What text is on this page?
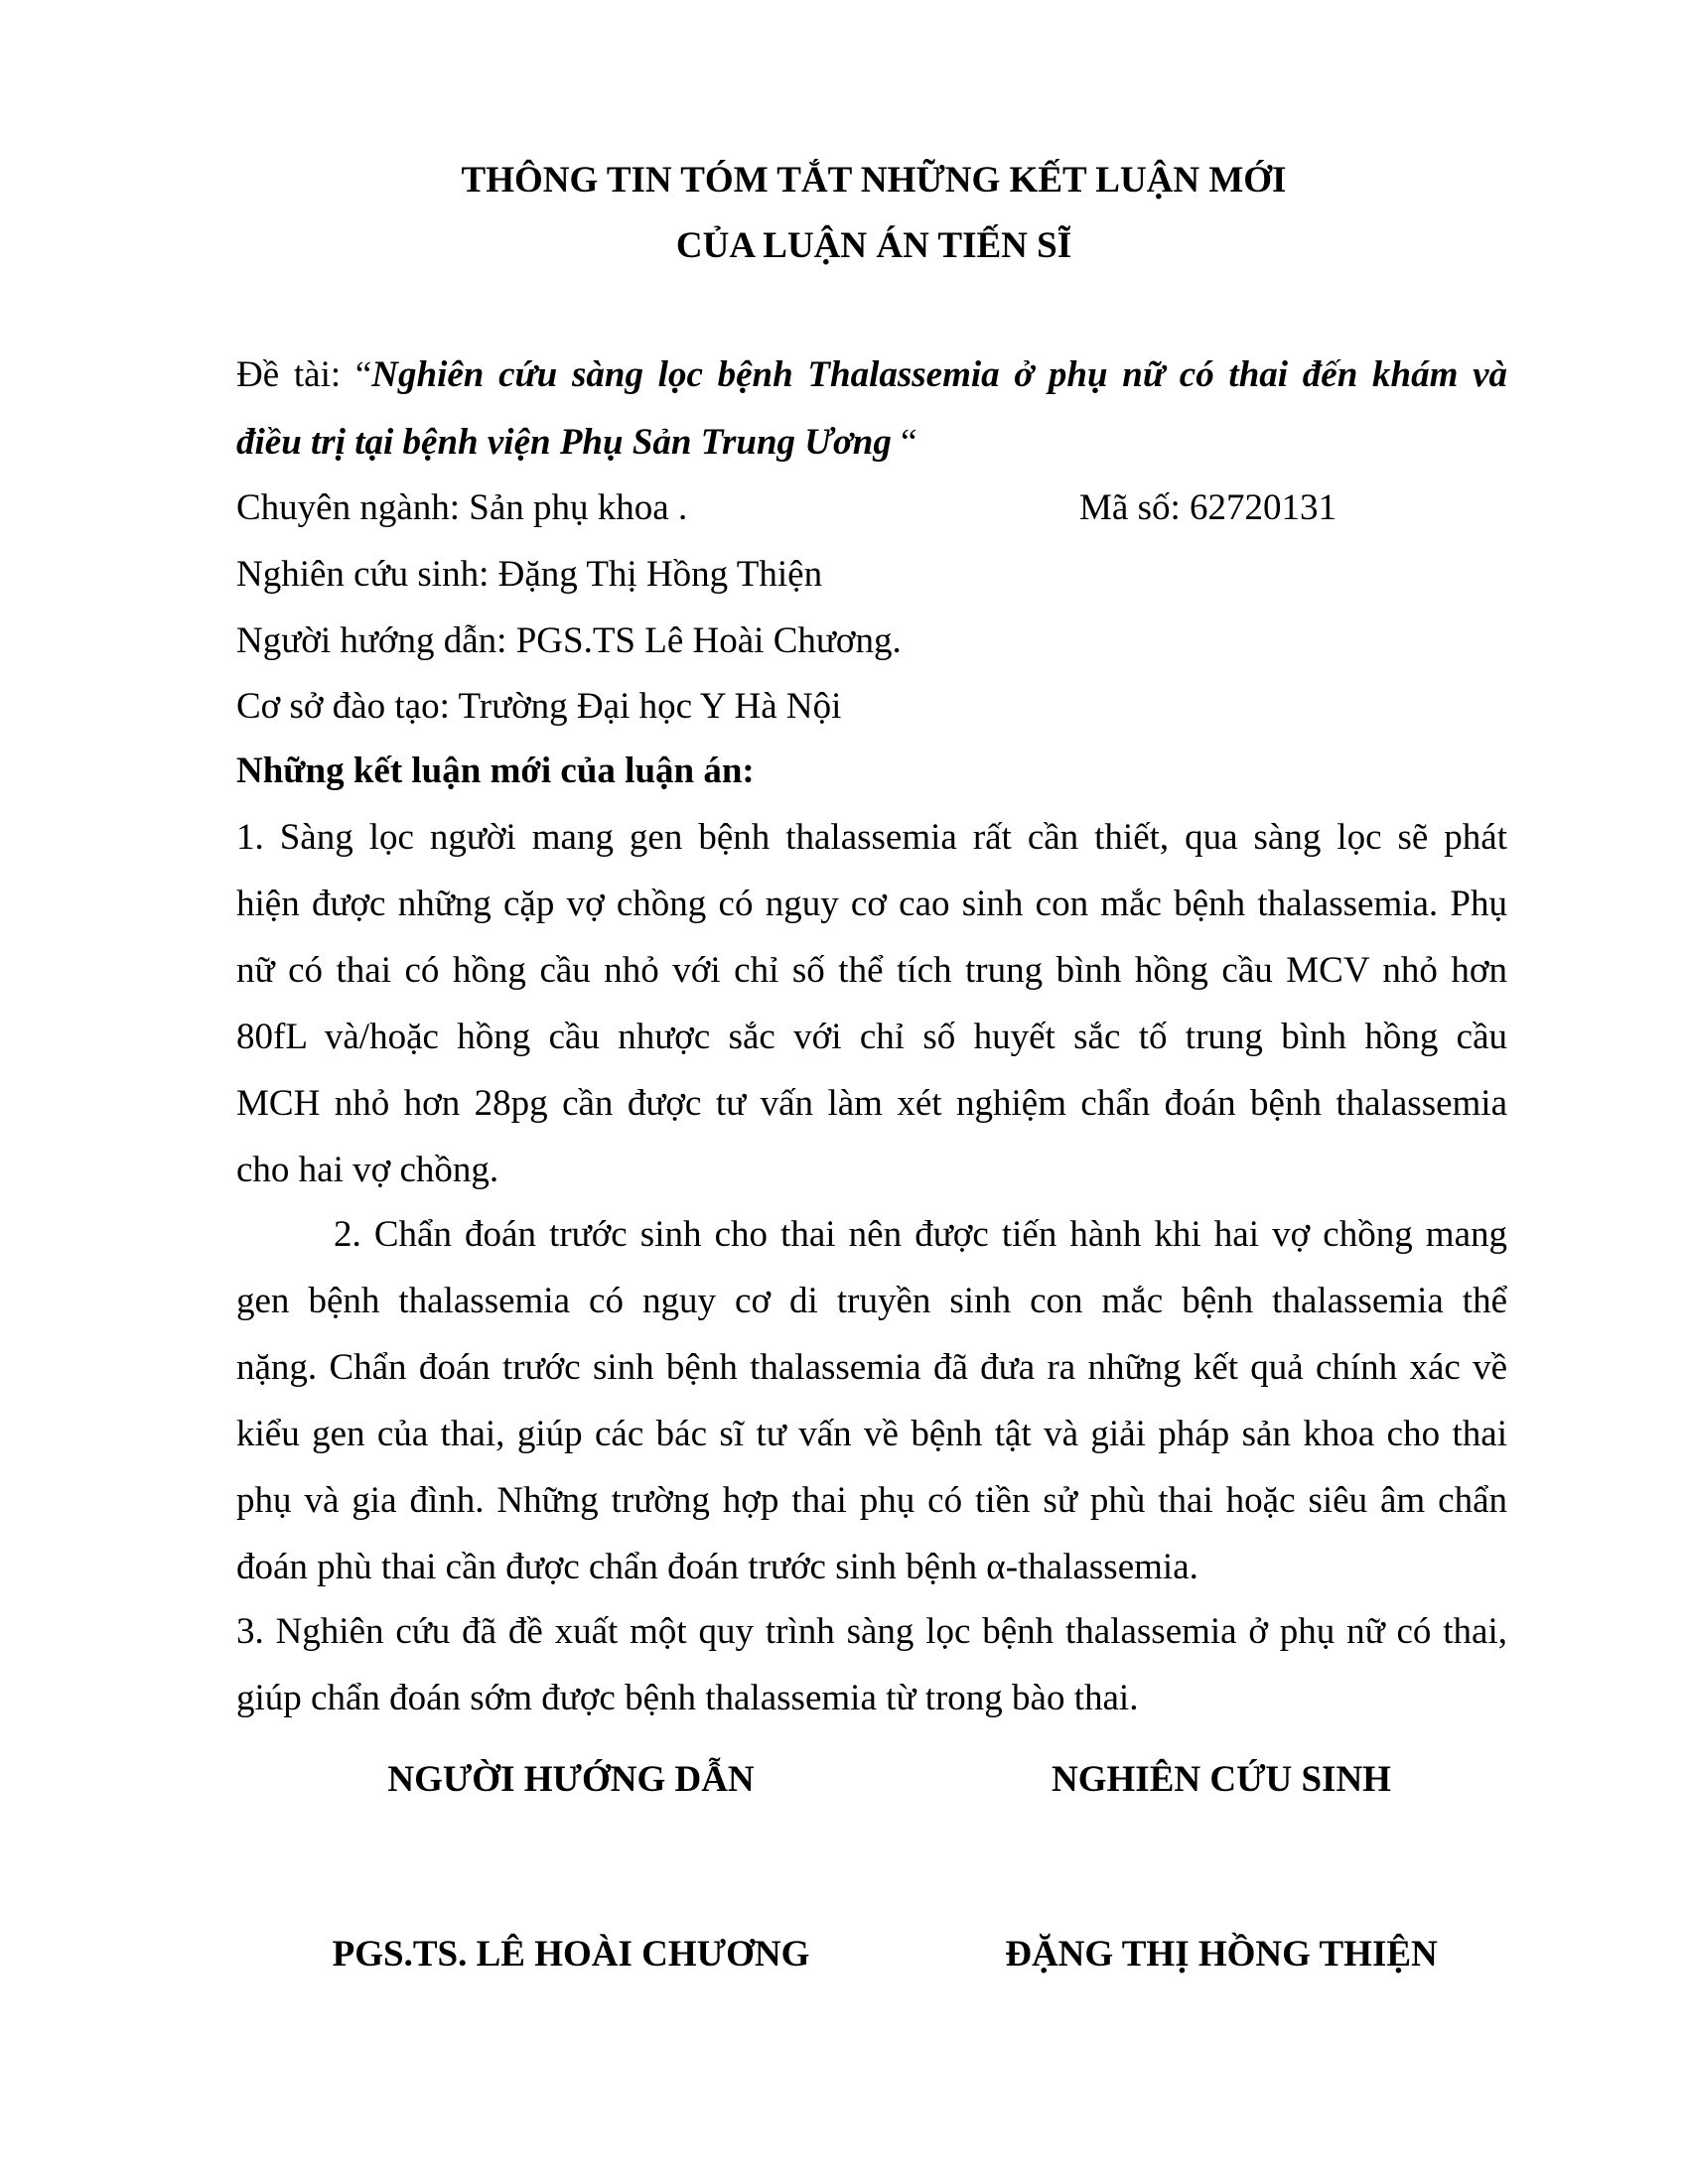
THÔNG TIN TÓM TẮT NHỮNG KẾT LUẬN MỚI
CỦA LUẬN ÁN TIẾN SĨ
Đề tài: “Nghiên cứu sàng lọc bệnh Thalassemia ở phụ nữ có thai đến khám và
điều trị tại bệnh viện Phụ Sản Trung Ương “
Chuyên ngành: Sản phụ khoa .	Mã số: 62720131
Nghiên cứu sinh: Đặng Thị Hồng Thiện
Người hướng dẫn: PGS.TS Lê Hoài Chương.
Cơ sở đào tạo: Trường Đại học Y Hà Nội
Những kết luận mới của luận án:
1. Sàng lọc người mang gen bệnh thalassemia rất cần thiết, qua sàng lọc sẽ phát
hiện được những cặp vợ chồng có nguy cơ cao sinh con mắc bệnh thalassemia. Phụ
nữ có thai có hồng cầu nhỏ với chỉ số thể tích trung bình hồng cầu MCV nhỏ hơn
80fL và/hoặc hồng cầu nhược sắc với chỉ số huyết sắc tố trung bình hồng cầu
MCH nhỏ hơn 28pg cần được tư vấn làm xét nghiệm chẩn đoán bệnh thalassemia
cho hai vợ chồng.
2. Chẩn đoán trước sinh cho thai nên được tiến hành khi hai vợ chồng mang
gen bệnh thalassemia có nguy cơ di truyền sinh con mắc bệnh thalassemia thể
nặng. Chẩn đoán trước sinh bệnh thalassemia đã đưa ra những kết quả chính xác về
kiểu gen của thai, giúp các bác sĩ tư vấn về bệnh tật và giải pháp sản khoa cho thai
phụ và gia đình. Những trường hợp thai phụ có tiền sử phù thai hoặc siêu âm chẩn
đoán phù thai cần được chẩn đoán trước sinh bệnh α-thalassemia.
3. Nghiên cứu đã đề xuất một quy trình sàng lọc bệnh thalassemia ở phụ nữ có thai,
giúp chẩn đoán sớm được bệnh thalassemia từ trong bào thai.
NGƯỜI HƯỚNG DẪN	NGHIÊN CỨU SINH
PGS.TS. LÊ HOÀI CHƯƠNG	ĐẶNG THỊ HỒNG THIỆN
